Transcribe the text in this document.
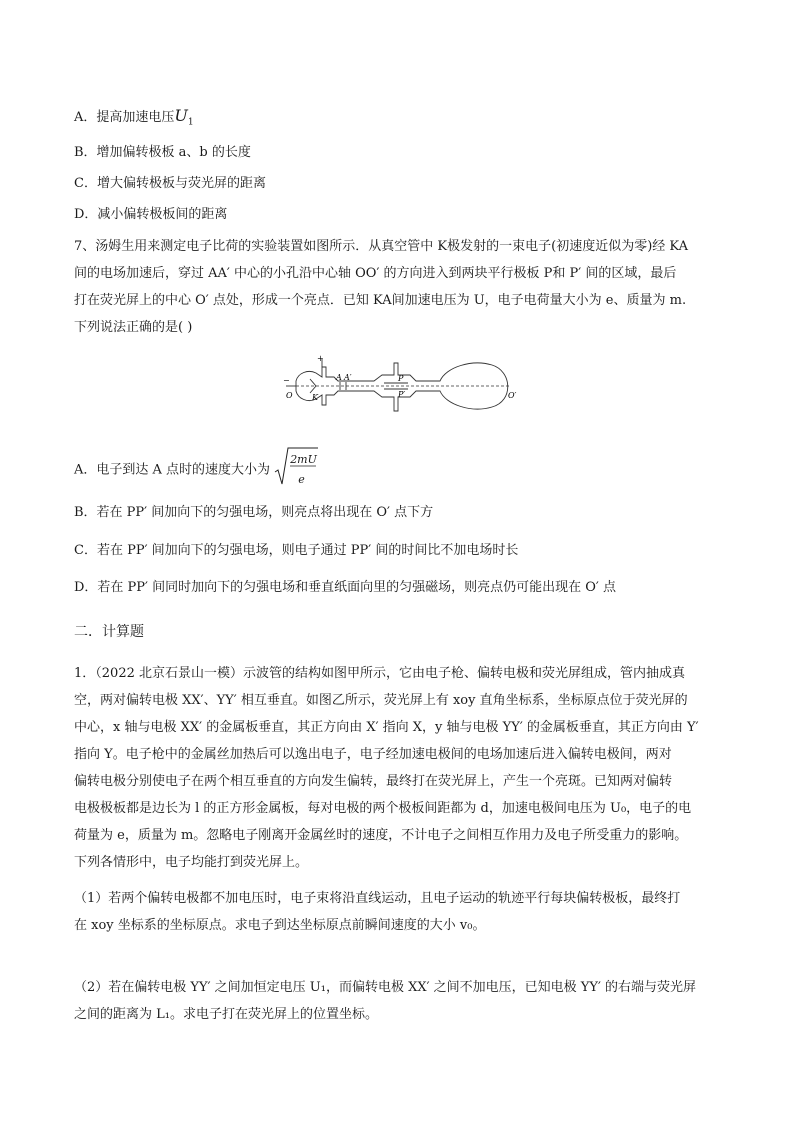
A．提高加速电压$U_1$
B．增加偏转极板 a、b 的长度
C．增大偏转极板与荧光屏的距离
D．减小偏转极板间的距离
7、汤姆生用来测定电子比荷的实验装置如图所示．从真空管中 K极发射的一束电子(初速度近似为零)经 KA
间的电场加速后，穿过 AA′ 中心的小孔沿中心轴 OO′ 的方向进入到两块平行极板 P和 P′ 间的区域，最后
打在荧光屏上的中心 O′ 点处，形成一个亮点．已知 KA间加速电压为 U，电子电荷量大小为 e、质量为 m.
下列说法正确的是( )
+
−
O K
A A′	P
P′	O′
A．电子到达 A 点时的速度大小为
2mU
e
B．若在 PP′ 间加向下的匀强电场，则亮点将出现在 O′ 点下方
C．若在 PP′ 间加向下的匀强电场，则电子通过 PP′ 间的时间比不加电场时长
D．若在 PP′ 间同时加向下的匀强电场和垂直纸面向里的匀强磁场，则亮点仍可能出现在 O′ 点
二．计算题
1．（2022 北京石景山一模）示波管的结构如图甲所示，它由电子枪、偏转电极和荧光屏组成，管内抽成真
空，两对偏转电极 XX′、YY′ 相互垂直。如图乙所示，荧光屏上有 xoy 直角坐标系，坐标原点位于荧光屏的
中心，x 轴与电极 XX′ 的金属板垂直，其正方向由 X′ 指向 X，y 轴与电极 YY′ 的金属板垂直，其正方向由 Y′
指向 Y。电子枪中的金属丝加热后可以逸出电子，电子经加速电极间的电场加速后进入偏转电极间，两对
偏转电极分别使电子在两个相互垂直的方向发生偏转，最终打在荧光屏上，产生一个亮斑。已知两对偏转
电极极板都是边长为 l 的正方形金属板，每对电极的两个极板间距都为 d，加速电极间电压为 U₀，电子的电
荷量为 e，质量为 m。忽略电子刚离开金属丝时的速度，不计电子之间相互作用力及电子所受重力的影响。
下列各情形中，电子均能打到荧光屏上。
（1）若两个偏转电极都不加电压时，电子束将沿直线运动，且电子运动的轨迹平行每块偏转极板，最终打
在 xoy 坐标系的坐标原点。求电子到达坐标原点前瞬间速度的大小 v₀。
（2）若在偏转电极 YY′ 之间加恒定电压 U₁，而偏转电极 XX′ 之间不加电压，已知电极 YY′ 的右端与荧光屏
之间的距离为 L₁。求电子打在荧光屏上的位置坐标。
